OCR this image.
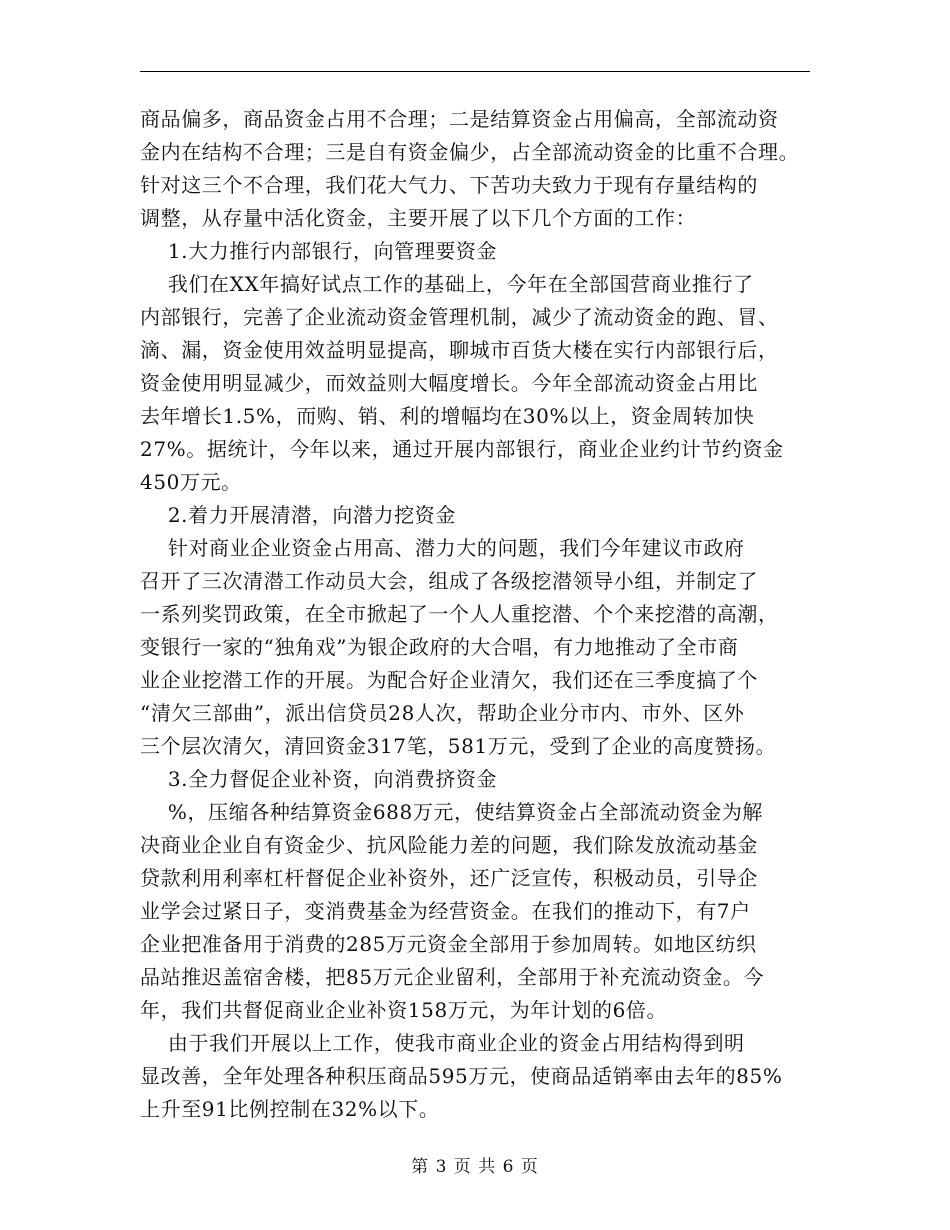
商品偏多，商品资金占用不合理；二是结算资金占用偏高，全部流动资

金内在结构不合理；三是自有资金偏少，占全部流动资金的比重不合理。

针对这三个不合理，我们花大气力、下苦功夫致力于现有存量结构的

调整，从存量中活化资金，主要开展了以下几个方面的工作：

1.大力推行内部银行，向管理要资金

我们在XX年搞好试点工作的基础上，今年在全部国营商业推行了

内部银行，完善了企业流动资金管理机制，减少了流动资金的跑、冒、

滴、漏，资金使用效益明显提高，聊城市百货大楼在实行内部银行后，

资金使用明显减少，而效益则大幅度增长。今年全部流动资金占用比

去年增长1.5%，而购、销、利的增幅均在30%以上，资金周转加快

27%。据统计，今年以来，通过开展内部银行，商业企业约计节约资金

450万元。

2.着力开展清潜，向潜力挖资金

针对商业企业资金占用高、潜力大的问题，我们今年建议市政府

召开了三次清潜工作动员大会，组成了各级挖潜领导小组，并制定了

一系列奖罚政策，在全市掀起了一个人人重挖潜、个个来挖潜的高潮，

变银行一家的“独角戏”为银企政府的大合唱，有力地推动了全市商

业企业挖潜工作的开展。为配合好企业清欠，我们还在三季度搞了个

“清欠三部曲”，派出信贷员28人次，帮助企业分市内、市外、区外

三个层次清欠，清回资金317笔，581万元，受到了企业的高度赞扬。

3.全力督促企业补资，向消费挤资金

%，压缩各种结算资金688万元，使结算资金占全部流动资金为解

决商业企业自有资金少、抗风险能力差的问题，我们除发放流动基金

贷款利用利率杠杆督促企业补资外，还广泛宣传，积极动员，引导企

业学会过紧日子，变消费基金为经营资金。在我们的推动下，有7户

企业把准备用于消费的285万元资金全部用于参加周转。如地区纺织

品站推迟盖宿舍楼，把85万元企业留利，全部用于补充流动资金。今

年，我们共督促商业企业补资158万元，为年计划的6倍。

由于我们开展以上工作，使我市商业企业的资金占用结构得到明

显改善，全年处理各种积压商品595万元，使商品适销率由去年的85%

上升至91比例控制在32%以下。

第 3 页 共 6 页
